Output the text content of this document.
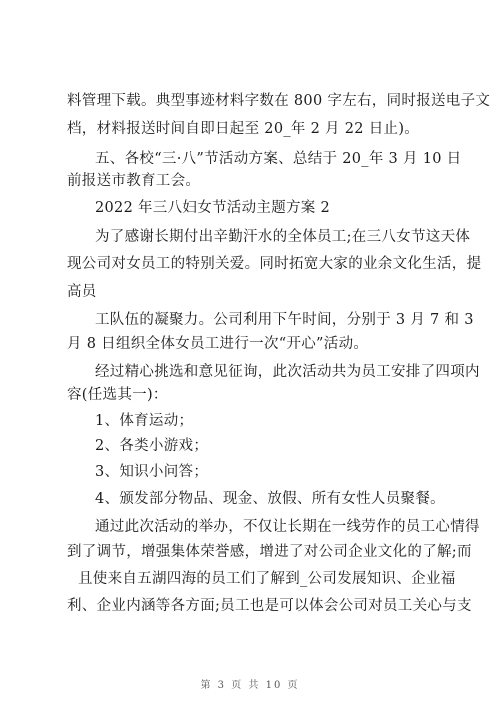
料管理下载。典型事迹材料字数在 800 字左右，同时报送电子文
档，材料报送时间自即日起至 20_年 2 月 22 日止)。
五、各校“三·八”节活动方案、总结于 20_年 3 月 10 日
前报送市教育工会。
2022 年三八妇女节活动主题方案 2
为了感谢长期付出辛勤汗水的全体员工;在三八女节这天体
现公司对女员工的特别关爱。同时拓宽大家的业余文化生活，提
高员
工队伍的凝聚力。公司利用下午时间，分别于 3 月 7 和 3
月 8 日组织全体女员工进行一次“开心”活动。
经过精心挑选和意见征询，此次活动共为员工安排了四项内
容(任选其一)：
1、体育运动；
2、各类小游戏；
3、知识小问答；
4、颁发部分物品、现金、放假、所有女性人员聚餐。
通过此次活动的举办，不仅让长期在一线劳作的员工心情得
到了调节，增强集体荣誉感，增进了对公司企业文化的了解;而
且使来自五湖四海的员工们了解到_公司发展知识、企业福
利、企业内涵等各方面;员工也是可以体会公司对员工关心与支
第 3 页 共 10 页
